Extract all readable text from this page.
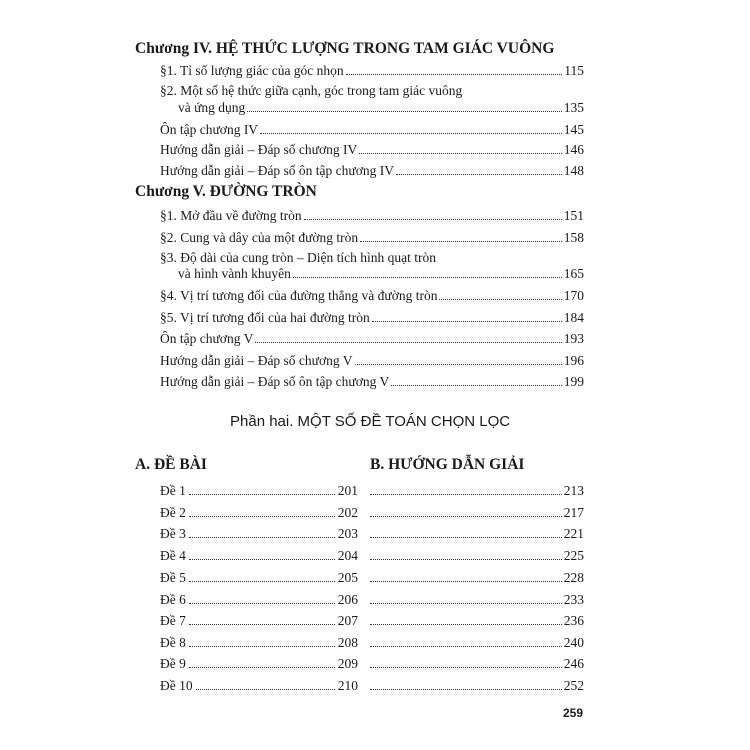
Chương IV. HỆ THỨC LƯỢNG TRONG TAM GIÁC VUÔNG
§1. Tỉ số lượng giác của góc nhọn	115
§2. Một số hệ thức giữa cạnh, góc trong tam giác vuông
và ứng dụng	135
Ôn tập chương IV	145
Hướng dẫn giải – Đáp số chương IV	146
Hướng dẫn giải – Đáp số ôn tập chương IV	148
Chương V. ĐƯỜNG TRÒN
§1. Mở đầu về đường tròn	151
§2. Cung và dây của một đường tròn	158
§3. Độ dài của cung tròn – Diện tích hình quạt tròn
và hình vành khuyên	165
§4. Vị trí tương đối của đường thẳng và đường tròn	170
§5. Vị trí tương đối của hai đường tròn	184
Ôn tập chương V	193
Hướng dẫn giải – Đáp số chương V	196
Hướng dẫn giải – Đáp số ôn tập chương V	199
Phần hai. MỘT SỐ ĐỀ TOÁN CHỌN LỌC
A. ĐỀ BÀI	B. HƯỚNG DẪN GIẢI
Đề 1	201	213
Đề 2	202	217
Đề 3	203	221
Đề 4	204	225
Đề 5	205	228
Đề 6	206	233
Đề 7	207	236
Đề 8	208	240
Đề 9	209	246
Đề 10	210	252
259
